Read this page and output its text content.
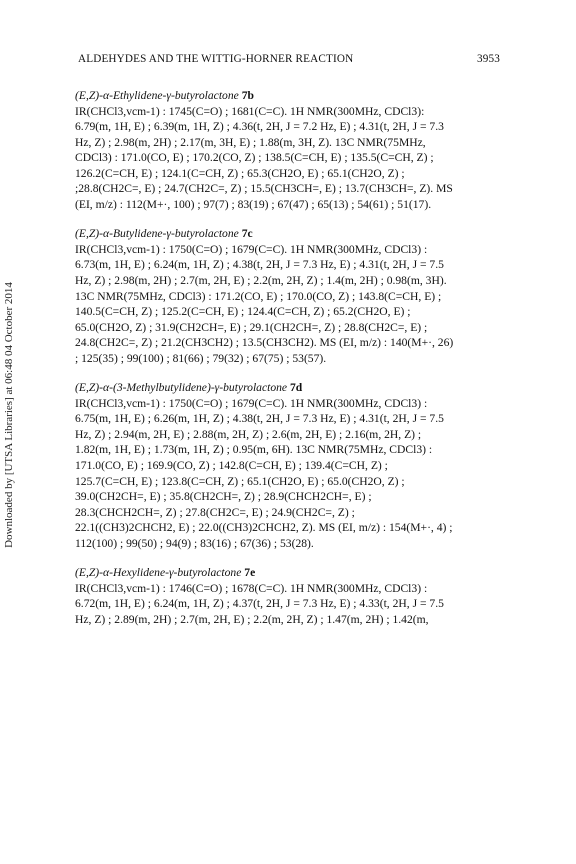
Downloaded by [UTSA Libraries] at 06:48 04 October 2014
ALDEHYDES AND THE WITTIG-HORNER REACTION	3953

(E,Z)-α-Ethylidene-γ-butyrolactone 7b

IR(CHCl3,vcm-1) : 1745(C=O) ; 1681(C=C). 1H NMR(300MHz, CDCl3):

6.79(m, 1H, E) ; 6.39(m, 1H, Z) ; 4.36(t, 2H, J = 7.2 Hz, E) ; 4.31(t, 2H, J = 7.3

Hz, Z) ; 2.98(m, 2H) ; 2.17(m, 3H, E) ; 1.88(m, 3H, Z). 13C NMR(75MHz,

CDCl3) : 171.0(CO, E) ; 170.2(CO, Z) ; 138.5(C=CH, E) ; 135.5(C=CH, Z) ;

126.2(C=CH, E) ; 124.1(C=CH, Z) ; 65.3(CH2O, E) ; 65.1(CH2O, Z) ;

;28.8(CH2C=, E) ; 24.7(CH2C=, Z) ; 15.5(CH3CH=, E) ; 13.7(CH3CH=, Z). MS

(EI, m/z) : 112(M+·, 100) ; 97(7) ; 83(19) ; 67(47) ; 65(13) ; 54(61) ; 51(17).

(E,Z)-α-Butylidene-γ-butyrolactone 7c

IR(CHCl3,vcm-1) : 1750(C=O) ; 1679(C=C). 1H NMR(300MHz, CDCl3) :

6.73(m, 1H, E) ; 6.24(m, 1H, Z) ; 4.38(t, 2H, J = 7.3 Hz, E) ; 4.31(t, 2H, J = 7.5

Hz, Z) ; 2.98(m, 2H) ; 2.7(m, 2H, E) ; 2.2(m, 2H, Z) ; 1.4(m, 2H) ; 0.98(m, 3H).

13C NMR(75MHz, CDCl3) : 171.2(CO, E) ; 170.0(CO, Z) ; 143.8(C=CH, E) ;

140.5(C=CH, Z) ; 125.2(C=CH, E) ; 124.4(C=CH, Z) ; 65.2(CH2O, E) ;

65.0(CH2O, Z) ; 31.9(CH2CH=, E) ; 29.1(CH2CH=, Z) ; 28.8(CH2C=, E) ;

24.8(CH2C=, Z) ; 21.2(CH3CH2) ; 13.5(CH3CH2). MS (EI, m/z) : 140(M+·, 26)

; 125(35) ; 99(100) ; 81(66) ; 79(32) ; 67(75) ; 53(57).

(E,Z)-α-(3-Methylbutylidene)-γ-butyrolactone 7d

IR(CHCl3,vcm-1) : 1750(C=O) ; 1679(C=C). 1H NMR(300MHz, CDCl3) :

6.75(m, 1H, E) ; 6.26(m, 1H, Z) ; 4.38(t, 2H, J = 7.3 Hz, E) ; 4.31(t, 2H, J = 7.5

Hz, Z) ; 2.94(m, 2H, E) ; 2.88(m, 2H, Z) ; 2.6(m, 2H, E) ; 2.16(m, 2H, Z) ;

1.82(m, 1H, E) ; 1.73(m, 1H, Z) ; 0.95(m, 6H). 13C NMR(75MHz, CDCl3) :

171.0(CO, E) ; 169.9(CO, Z) ; 142.8(C=CH, E) ; 139.4(C=CH, Z) ;

125.7(C=CH, E) ; 123.8(C=CH, Z) ; 65.1(CH2O, E) ; 65.0(CH2O, Z) ;

39.0(CH2CH=, E) ; 35.8(CH2CH=, Z) ; 28.9(CHCH2CH=, E) ;

28.3(CHCH2CH=, Z) ; 27.8(CH2C=, E) ; 24.9(CH2C=, Z) ;

22.1((CH3)2CHCH2, E) ; 22.0((CH3)2CHCH2, Z). MS (EI, m/z) : 154(M+·, 4) ;

112(100) ; 99(50) ; 94(9) ; 83(16) ; 67(36) ; 53(28).

(E,Z)-α-Hexylidene-γ-butyrolactone 7e

IR(CHCl3,vcm-1) : 1746(C=O) ; 1678(C=C). 1H NMR(300MHz, CDCl3) :

6.72(m, 1H, E) ; 6.24(m, 1H, Z) ; 4.37(t, 2H, J = 7.3 Hz, E) ; 4.33(t, 2H, J = 7.5

Hz, Z) ; 2.89(m, 2H) ; 2.7(m, 2H, E) ; 2.2(m, 2H, Z) ; 1.47(m, 2H) ; 1.42(m,
